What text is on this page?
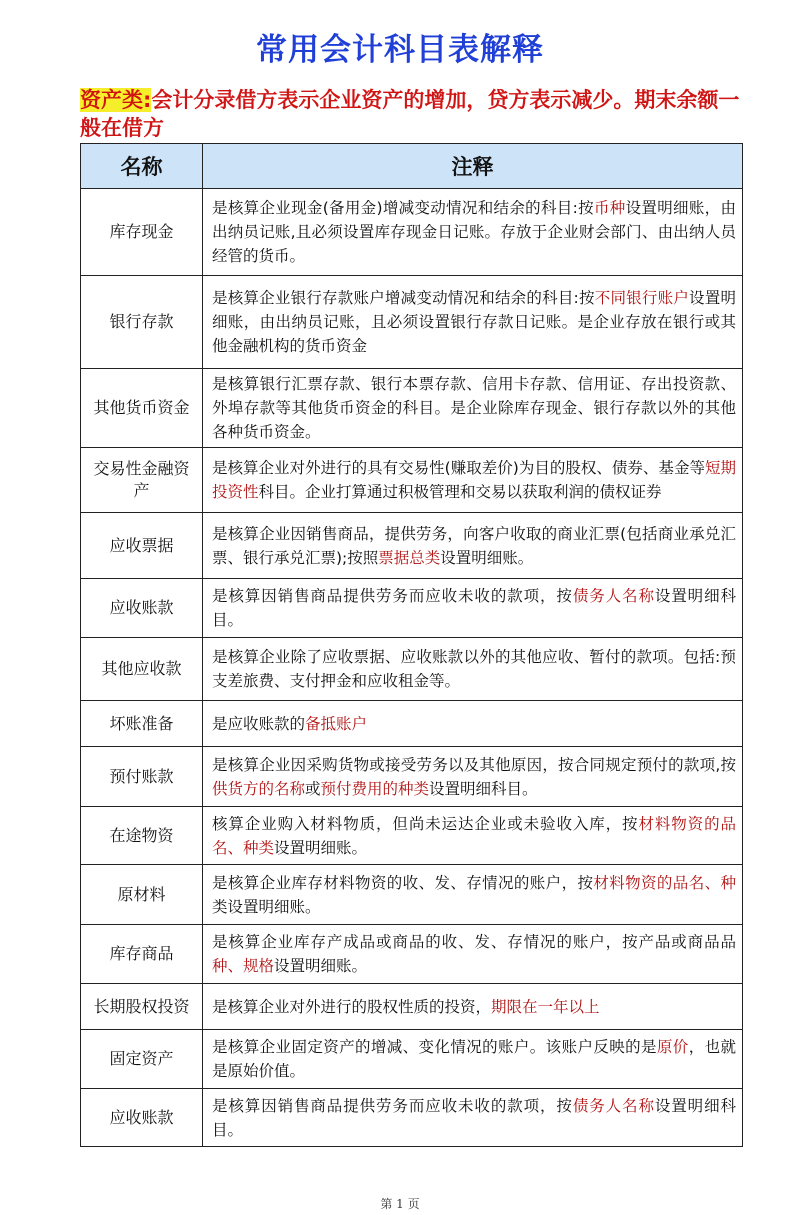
常用会计科目表解释
资产类:会计分录借方表示企业资产的增加，贷方表示减少。期末余额一般在借方
名称	注释
库存现金	是核算企业现金(备用金)增减变动情况和结余的科目:按币种设置明细账，由出纳员记账,且必须设置库存现金日记账。存放于企业财会部门、由出纳人员经管的货币。
银行存款	是核算企业银行存款账户增减变动情况和结余的科目:按不同银行账户设置明细账，由出纳员记账，且必须设置银行存款日记账。是企业存放在银行或其他金融机构的货币资金
其他货币资金	是核算银行汇票存款、银行本票存款、信用卡存款、信用证、存出投资款、外埠存款等其他货币资金的科目。是企业除库存现金、银行存款以外的其他各种货币资金。
交易性金融资产	是核算企业对外进行的具有交易性(赚取差价)为目的股权、债券、基金等短期投资性科目。企业打算通过积极管理和交易以获取利润的债权证券
应收票据	是核算企业因销售商品，提供劳务，向客户收取的商业汇票(包括商业承兑汇票、银行承兑汇票);按照票据总类设置明细账。
应收账款	是核算因销售商品提供劳务而应收未收的款项，按债务人名称设置明细科目。
其他应收款	是核算企业除了应收票据、应收账款以外的其他应收、暂付的款项。包括:预支差旅费、支付押金和应收租金等。
坏账准备	是应收账款的备抵账户
预付账款	是核算企业因采购货物或接受劳务以及其他原因，按合同规定预付的款项,按供货方的名称或预付费用的种类设置明细科目。
在途物资	核算企业购入材料物质，但尚未运达企业或未验收入库，按材料物资的品名、种类设置明细账。
原材料	是核算企业库存材料物资的收、发、存情况的账户，按材料物资的品名、种类设置明细账。
库存商品	是核算企业库存产成品或商品的收、发、存情况的账户，按产品或商品品种、规格设置明细账。
长期股权投资	是核算企业对外进行的股权性质的投资，期限在一年以上
固定资产	是核算企业固定资产的增减、变化情况的账户。该账户反映的是原价，也就是原始价值。
应收账款	是核算因销售商品提供劳务而应收未收的款项，按债务人名称设置明细科目。
第 1 页
